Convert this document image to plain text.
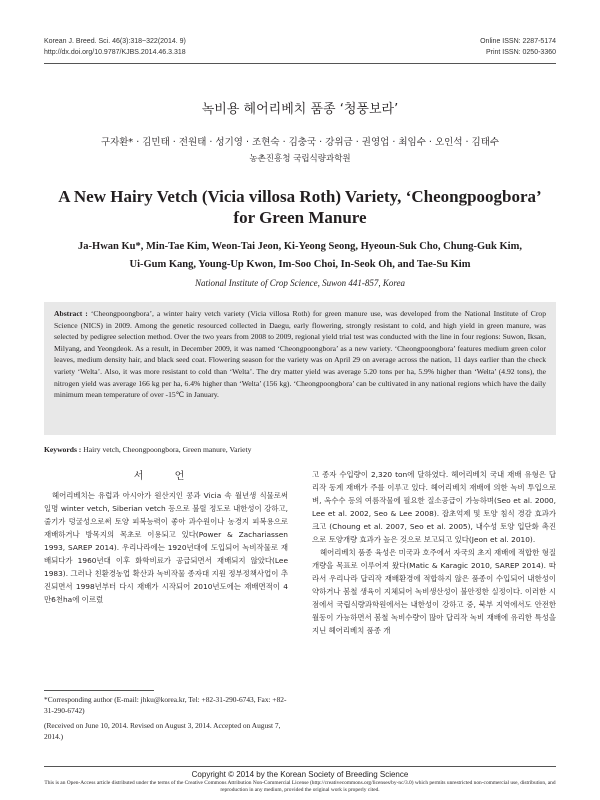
Korean J. Breed. Sci. 46(3):318~322(2014. 9)
http://dx.doi.org/10.9787/KJBS.2014.46.3.318
Online ISSN: 2287-5174
Print ISSN: 0250-3360
녹비용 헤어리베치 품종 ‘청풍보라’
구자환* · 김민태 · 전원태 · 성기영 · 조현숙 · 김충국 · 강위금 · 권영업 · 최임수 · 오인석 · 김태수
농촌진흥청 국립식량과학원
A New Hairy Vetch (Vicia villosa Roth) Variety, ‘Cheongpoogbora’
for Green Manure
Ja-Hwan Ku*, Min-Tae Kim, Weon-Tai Jeon, Ki-Yeong Seong, Hyeoun-Suk Cho, Chung-Guk Kim,
Ui-Gum Kang, Young-Up Kwon, Im-Soo Choi, In-Seok Oh, and Tae-Su Kim
National Institute of Crop Science, Suwon 441-857, Korea
Abstract : ‘Cheongpoongbora’, a winter hairy vetch variety (Vicia villosa Roth) for green manure use, was developed from the National Institute of Crop Science (NICS) in 2009. Among the genetic resourced collected in Daegu, early flowering, strongly resistant to cold, and high yield in green manure, was selected by pedigree selection method. Over the two years from 2008 to 2009, regional yield trial test was conducted with the line in four regions: Suwon, Iksan, Milyang, and Yeongdeok. As a result, in December 2009, it was named ‘Cheongpoongbora’ as a new variety. ‘Cheongpoongbora’ features medium green color leaves, medium density hair, and black seed coat. Flowering season for the variety was on April 29 on average across the nation, 11 days earlier than the check variety ‘Welta’. Also, it was more resistant to cold than ‘Welta’. The dry matter yield was average 5.20 tons per ha, 5.9% higher than ‘Welta’ (4.92 tons), the nitrogen yield was average 166 kg per ha, 6.4% higher than ‘Welta’ (156 kg). ‘Cheongpoongbora’ can be cultivated in any national regions which have the daily minimum mean temperature of over -15℃ in January.
Keywords : Hairy vetch, Cheongpoongbora, Green manure, Variety
서 언

헤어리베치는 유럽과 아시아가 원산지인 콩과 Vicia 속 월년생 식물로써 일명 winter vetch, Siberian vetch 등으로 불릴 정도로 내한성이 강하고, 줄기가 덩굴성으로써 토양 피복능력이 좋아 과수원이나 농경지 피복용으로 재배하거나 방목지의 목초로 이용되고 있다(Power & Zachariassen 1993, SAREP 2014). 우리나라에는 1920년대에 도입되어 녹비작물로 재배되다가 1960년대 이후 화학비료가 공급되면서 재배되지 않았다(Lee 1983). 그러나 친환경농업 확산과 녹비작물 종자대 지원 정부정책사업이 추진되면서 1998년부터 다시 재배가 시작되어 2010년도에는 재배면적이 4만6천ha에 이르렀

고 종자 수입량이 2,320 ton에 달하였다. 헤어리베치 국내 재배 유형은 답리작 동계 재배가 주를 이루고 있다. 헤어리베치 재배에 의한 녹비 투입으로 벼, 옥수수 등의 여름작물에 필요한 질소공급이 가능하며(Seo et al. 2000, Lee et al. 2002, Seo & Lee 2008). 잡초억제 및 토양 침식 경감 효과가 크고 (Choung et al. 2007, Seo et al. 2005), 내수성 토양 입단화 촉진으로 토양개량 효과가 높은 것으로 보고되고 있다(Jeon et al. 2010).

헤어리베치 품종 육성은 미국과 호주에서 자국의 초지 재배에 적합한 형질 개량을 목표로 이루어져 왔다(Matic & Karagic 2010, SAREP 2014). 따라서 우리나라 답리작 재배환경에 적합하지 않은 품종이 수입되어 내한성이 약하거나 봄철 생육이 지체되어 녹비생산성이 불안정한 실정이다. 이러한 시점에서 국립식량과학원에서는 내한성이 강하고 중, 북부 지역에서도 안전한 월동이 가능하면서 봄철 녹비수량이 많아 답리작 녹비 재배에 유리한 특성을 지닌 헤어리베치 품종 개

*Corresponding author (E-mail: jhku@korea.kr, Tel: +82-31-290-6743, Fax: +82-31-290-6742)
(Received on June 10, 2014. Revised on August 3, 2014. Accepted on August 7, 2014.)
Copyright © 2014 by the Korean Society of Breeding Science
This is an Open-Access article distributed under the terms of the Creative Commons Attribution Non-Commercial License (http://creativecommons.org/licenses/by-nc/3.0) which permits unrestricted non-commercial use, distribution, and reproduction in any medium, provided the original work is properly cited.
